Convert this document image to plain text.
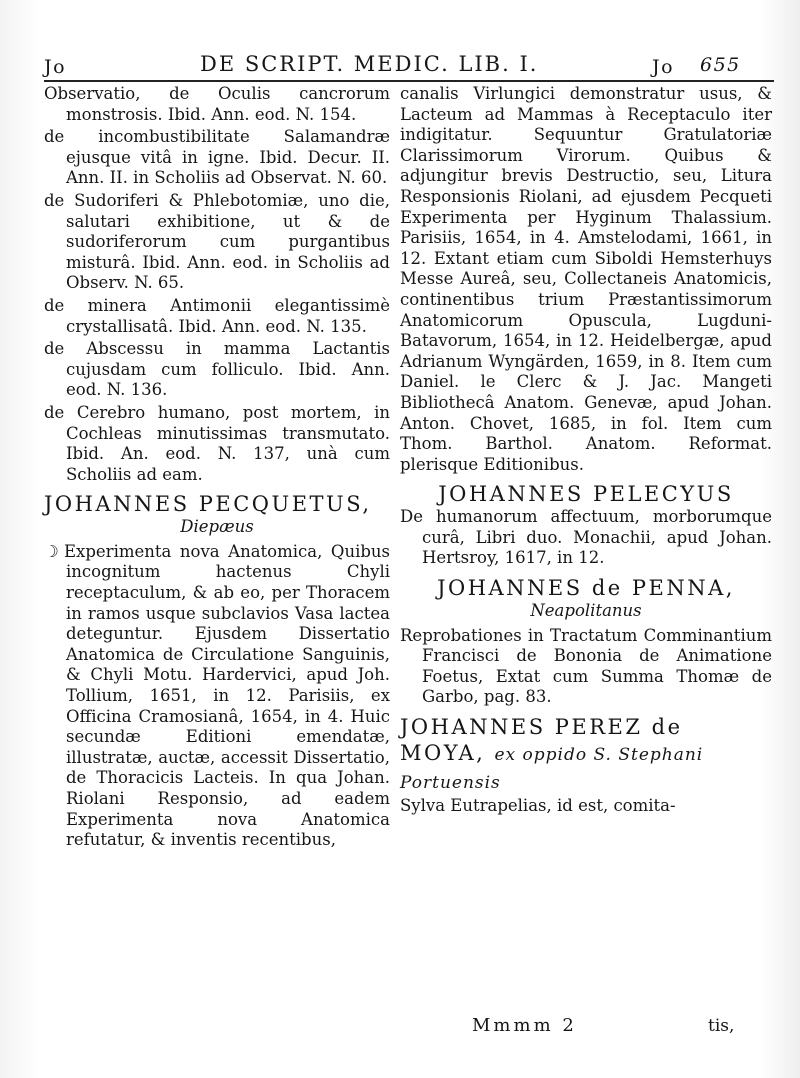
Jo	DE SCRIPT. MEDIC. LIB. I.	Jo 655

Observatio, de Oculis cancrorum monstrosis. Ibid. Ann. eod. N. 154.

de incombustibilitate Salamandræ ejusque vitâ in igne. Ibid. Decur. II. Ann. II. in Scholiis ad Observat. N. 60.

de Sudoriferi & Phlebotomiæ, uno die, salutari exhibitione, ut & de sudoriferorum cum purgantibus misturâ. Ibid. Ann. eod. in Scholiis ad Observ. N. 65.

de minera Antimonii elegantissimè crystallisatâ. Ibid. Ann. eod. N. 135.

de Abscessu in mamma Lactantis cujusdam cum folliculo. Ibid. Ann. eod. N. 136.

de Cerebro humano, post mortem, in Cochleas minutissimas transmutato. Ibid. An. eod. N. 137, unà cum Scholiis ad eam.

JOHANNES PECQUETUS,
Diepæus

☽ Experimenta nova Anatomica, Quibus incognitum hactenus Chyli receptaculum, & ab eo, per Thoracem in ramos usque subclavios Vasa lactea deteguntur. Ejusdem Dissertatio Anatomica de Circulatione Sanguinis, & Chyli Motu. Hardervici, apud Joh. Tollium, 1651, in 12. Parisiis, ex Officina Cramosianâ, 1654, in 4. Huic secundæ Editioni emendatæ, illustratæ, auctæ, accessit Dissertatio, de Thoracicis Lacteis. In qua Johan. Riolani Responsio, ad eadem Experimenta nova Anatomica refutatur, & inventis recentibus,

canalis Virlungici demonstratur usus, & Lacteum ad Mammas à Receptaculo iter indigitatur. Sequuntur Gratulatoriæ Clarissimorum Virorum. Quibus & adjungitur brevis Destructio, seu, Litura Responsionis Riolani, ad ejusdem Pecqueti Experimenta per Hyginum Thalassium. Parisiis, 1654, in 4. Amstelodami, 1661, in 12. Extant etiam cum Siboldi Hemsterhuys Messe Aureâ, seu, Collectaneis Anatomicis, continentibus trium Præstantissimorum Anatomicorum Opuscula, Lugduni-Batavorum, 1654, in 12. Heidelbergæ, apud Adrianum Wyngärden, 1659, in 8. Item cum Daniel. le Clerc & J. Jac. Mangeti Bibliothecâ Anatom. Genevæ, apud Johan. Anton. Chovet, 1685, in fol. Item cum Thom. Barthol. Anatom. Reformat. plerisque Editionibus.

JOHANNES PELECYUS

De humanorum affectuum, morborumque curâ, Libri duo. Monachii, apud Johan. Hertsroy, 1617, in 12.

JOHANNES de PENNA,
Neapolitanus

Reprobationes in Tractatum Comminantium Francisci de Bononia de Animatione Foetus, Extat cum Summa Thomæ de Garbo, pag. 83.

JOHANNES PEREZ de MOYA, ex oppido S. Stephani Portuensis

Sylva Eutrapelias, id est, comita-

Mmmm 2	tis,
